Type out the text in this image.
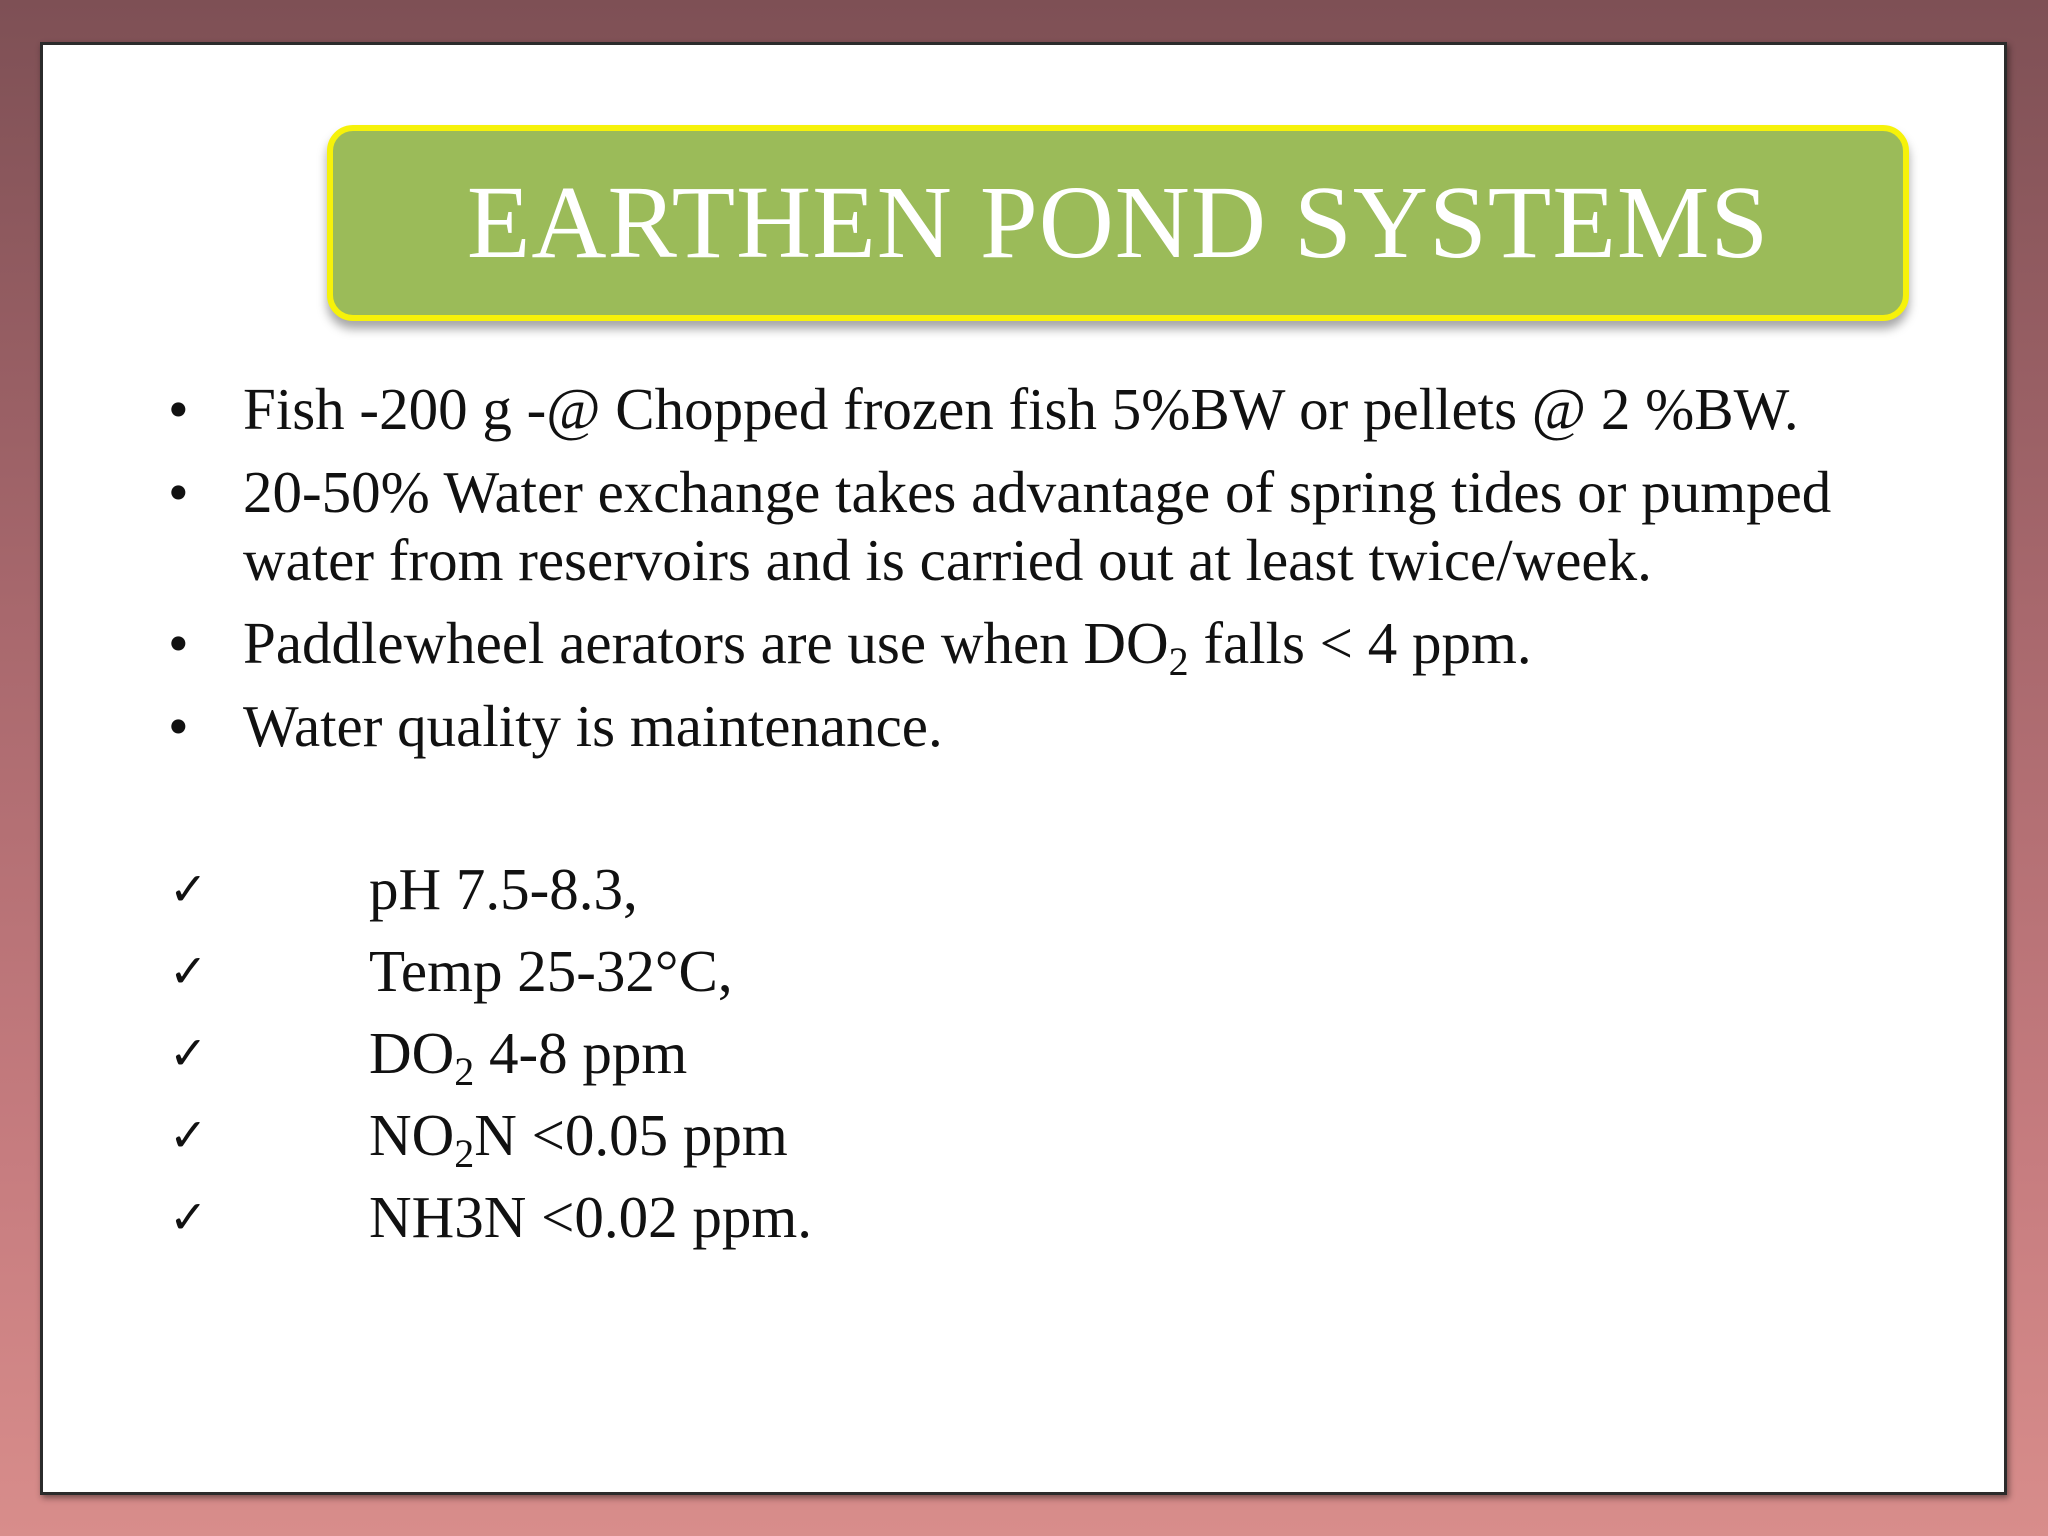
EARTHEN POND SYSTEMS
• Fish -200 g -@ Chopped frozen fish 5%BW or pellets @ 2 %BW.
• 20-50% Water exchange takes advantage of spring tides or pumped water from reservoirs and is carried out at least twice/week.
• Paddlewheel aerators are use when $DO_2$ falls < 4 ppm.
• Water quality is maintenance.
✓	pH 7.5-8.3,
✓	Temp 25-32°C,
✓	$DO_2$ 4-8 ppm
✓	$NO_2N <0.05$ ppm
✓	NH3N <0.02 ppm.
